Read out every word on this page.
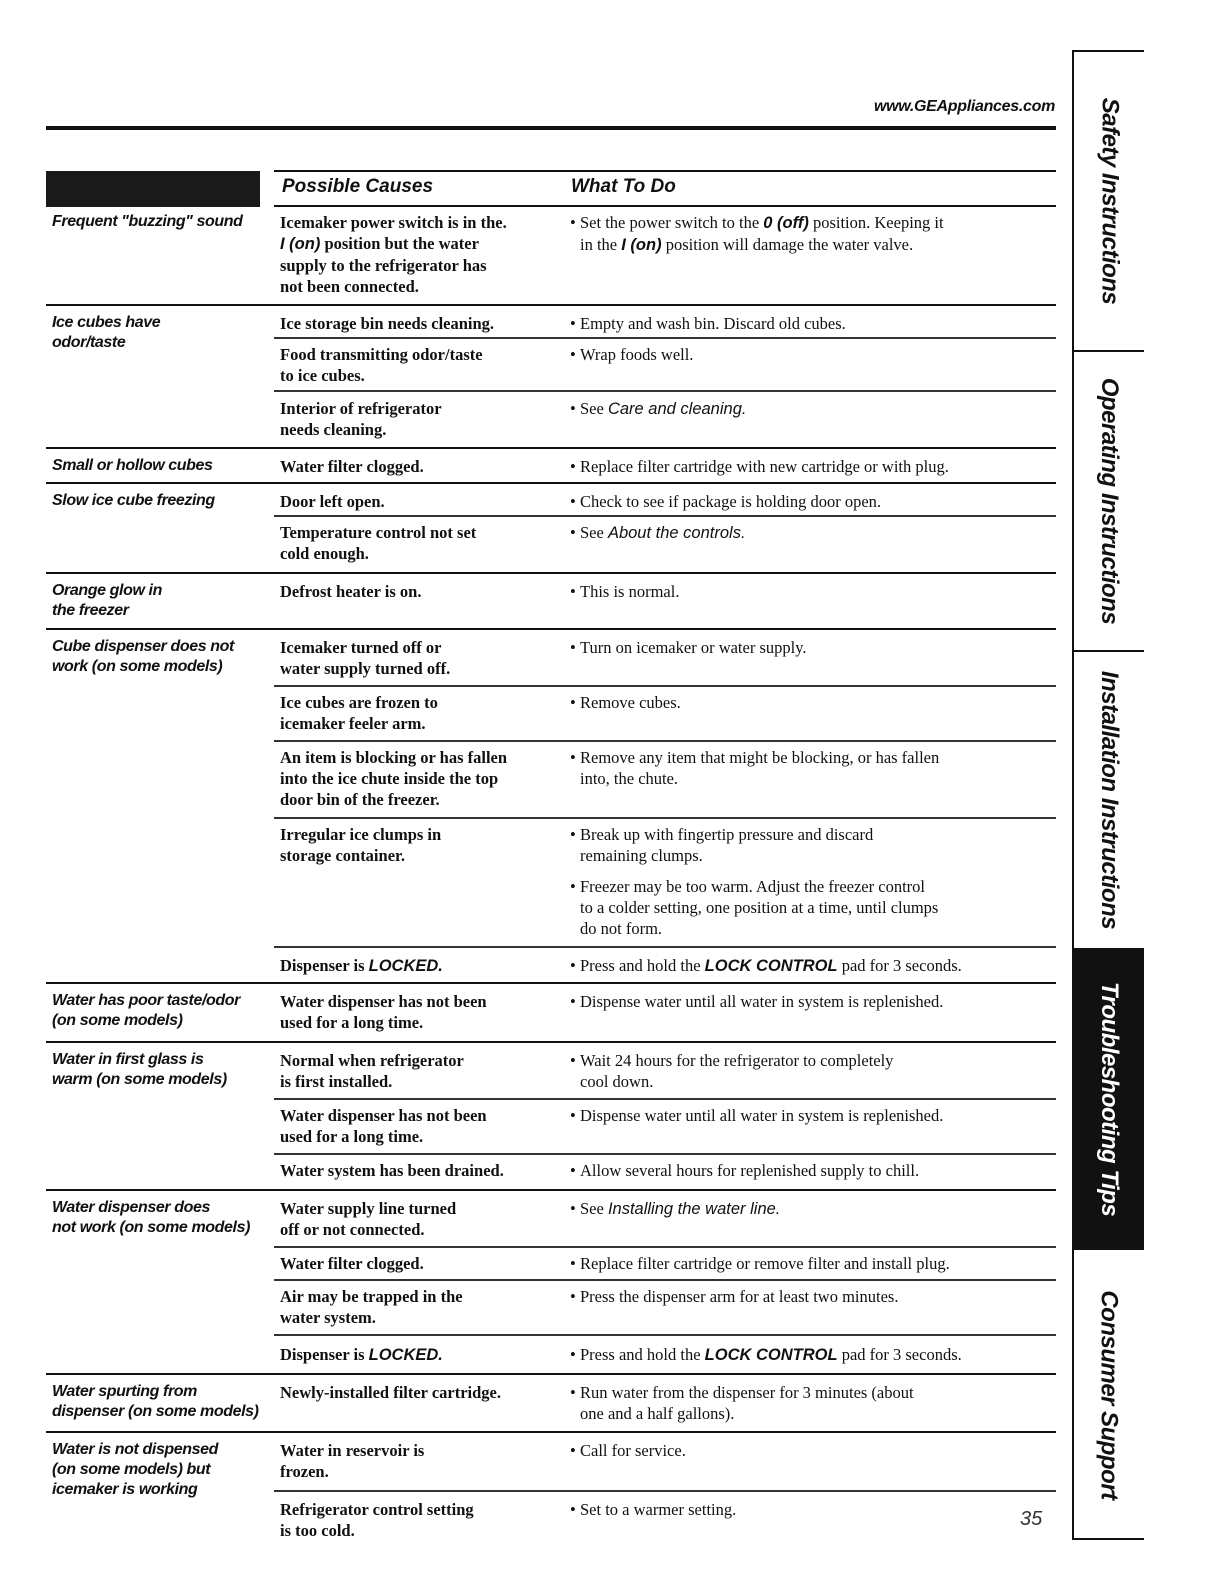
www.GEAppliances.com
Possible Causes	What To Do
Frequent "buzzing" sound
Ice cubes have
odor/taste
Small or hollow cubes
Slow ice cube freezing
Orange glow in
the freezer
Cube dispenser does not
work (on some models)
Water has poor taste/odor
(on some models)
Water in first glass is
warm (on some models)
Water dispenser does
not work (on some models)
Water spurting from
dispenser (on some models)
Water is not dispensed
(on some models) but
icemaker is working
Icemaker power switch is in the.
I (on) position but the water
supply to the refrigerator has
not been connected.
Ice storage bin needs cleaning.
Food transmitting odor/taste
to ice cubes.
Interior of refrigerator
needs cleaning.
Water filter clogged.
Door left open.
Temperature control not set
cold enough.
Defrost heater is on.
Icemaker turned off or
water supply turned off.
Ice cubes are frozen to
icemaker feeler arm.
An item is blocking or has fallen
into the ice chute inside the top
door bin of the freezer.
Irregular ice clumps in
storage container.
Dispenser is LOCKED.
Water dispenser has not been
used for a long time.
Normal when refrigerator
is first installed.
Water dispenser has not been
used for a long time.
Water system has been drained.
Water supply line turned
off or not connected.
Water filter clogged.
Air may be trapped in the
water system.
Dispenser is LOCKED.
Newly-installed filter cartridge.
Water in reservoir is
frozen.
Refrigerator control setting
is too cold.
• Set the power switch to the 0 (off) position. Keeping it
in the I (on) position will damage the water valve.
• Empty and wash bin. Discard old cubes.
• Wrap foods well.
• See Care and cleaning.
• Replace filter cartridge with new cartridge or with plug.
• Check to see if package is holding door open.
• See About the controls.
• This is normal.
• Turn on icemaker or water supply.
• Remove cubes.
• Remove any item that might be blocking, or has fallen
into, the chute.
• Break up with fingertip pressure and discard
remaining clumps.
• Freezer may be too warm. Adjust the freezer control
to a colder setting, one position at a time, until clumps
do not form.
• Press and hold the LOCK CONTROL pad for 3 seconds.
• Dispense water until all water in system is replenished.
• Wait 24 hours for the refrigerator to completely
cool down.
• Dispense water until all water in system is replenished.
• Allow several hours for replenished supply to chill.
• See Installing the water line.
• Replace filter cartridge or remove filter and install plug.
• Press the dispenser arm for at least two minutes.
• Press and hold the LOCK CONTROL pad for 3 seconds.
• Run water from the dispenser for 3 minutes (about
one and a half gallons).
• Call for service.
• Set to a warmer setting.	35
Safety Instructions
Operating Instructions
Installation Instructions
Troubleshooting Tips
Consumer Support
